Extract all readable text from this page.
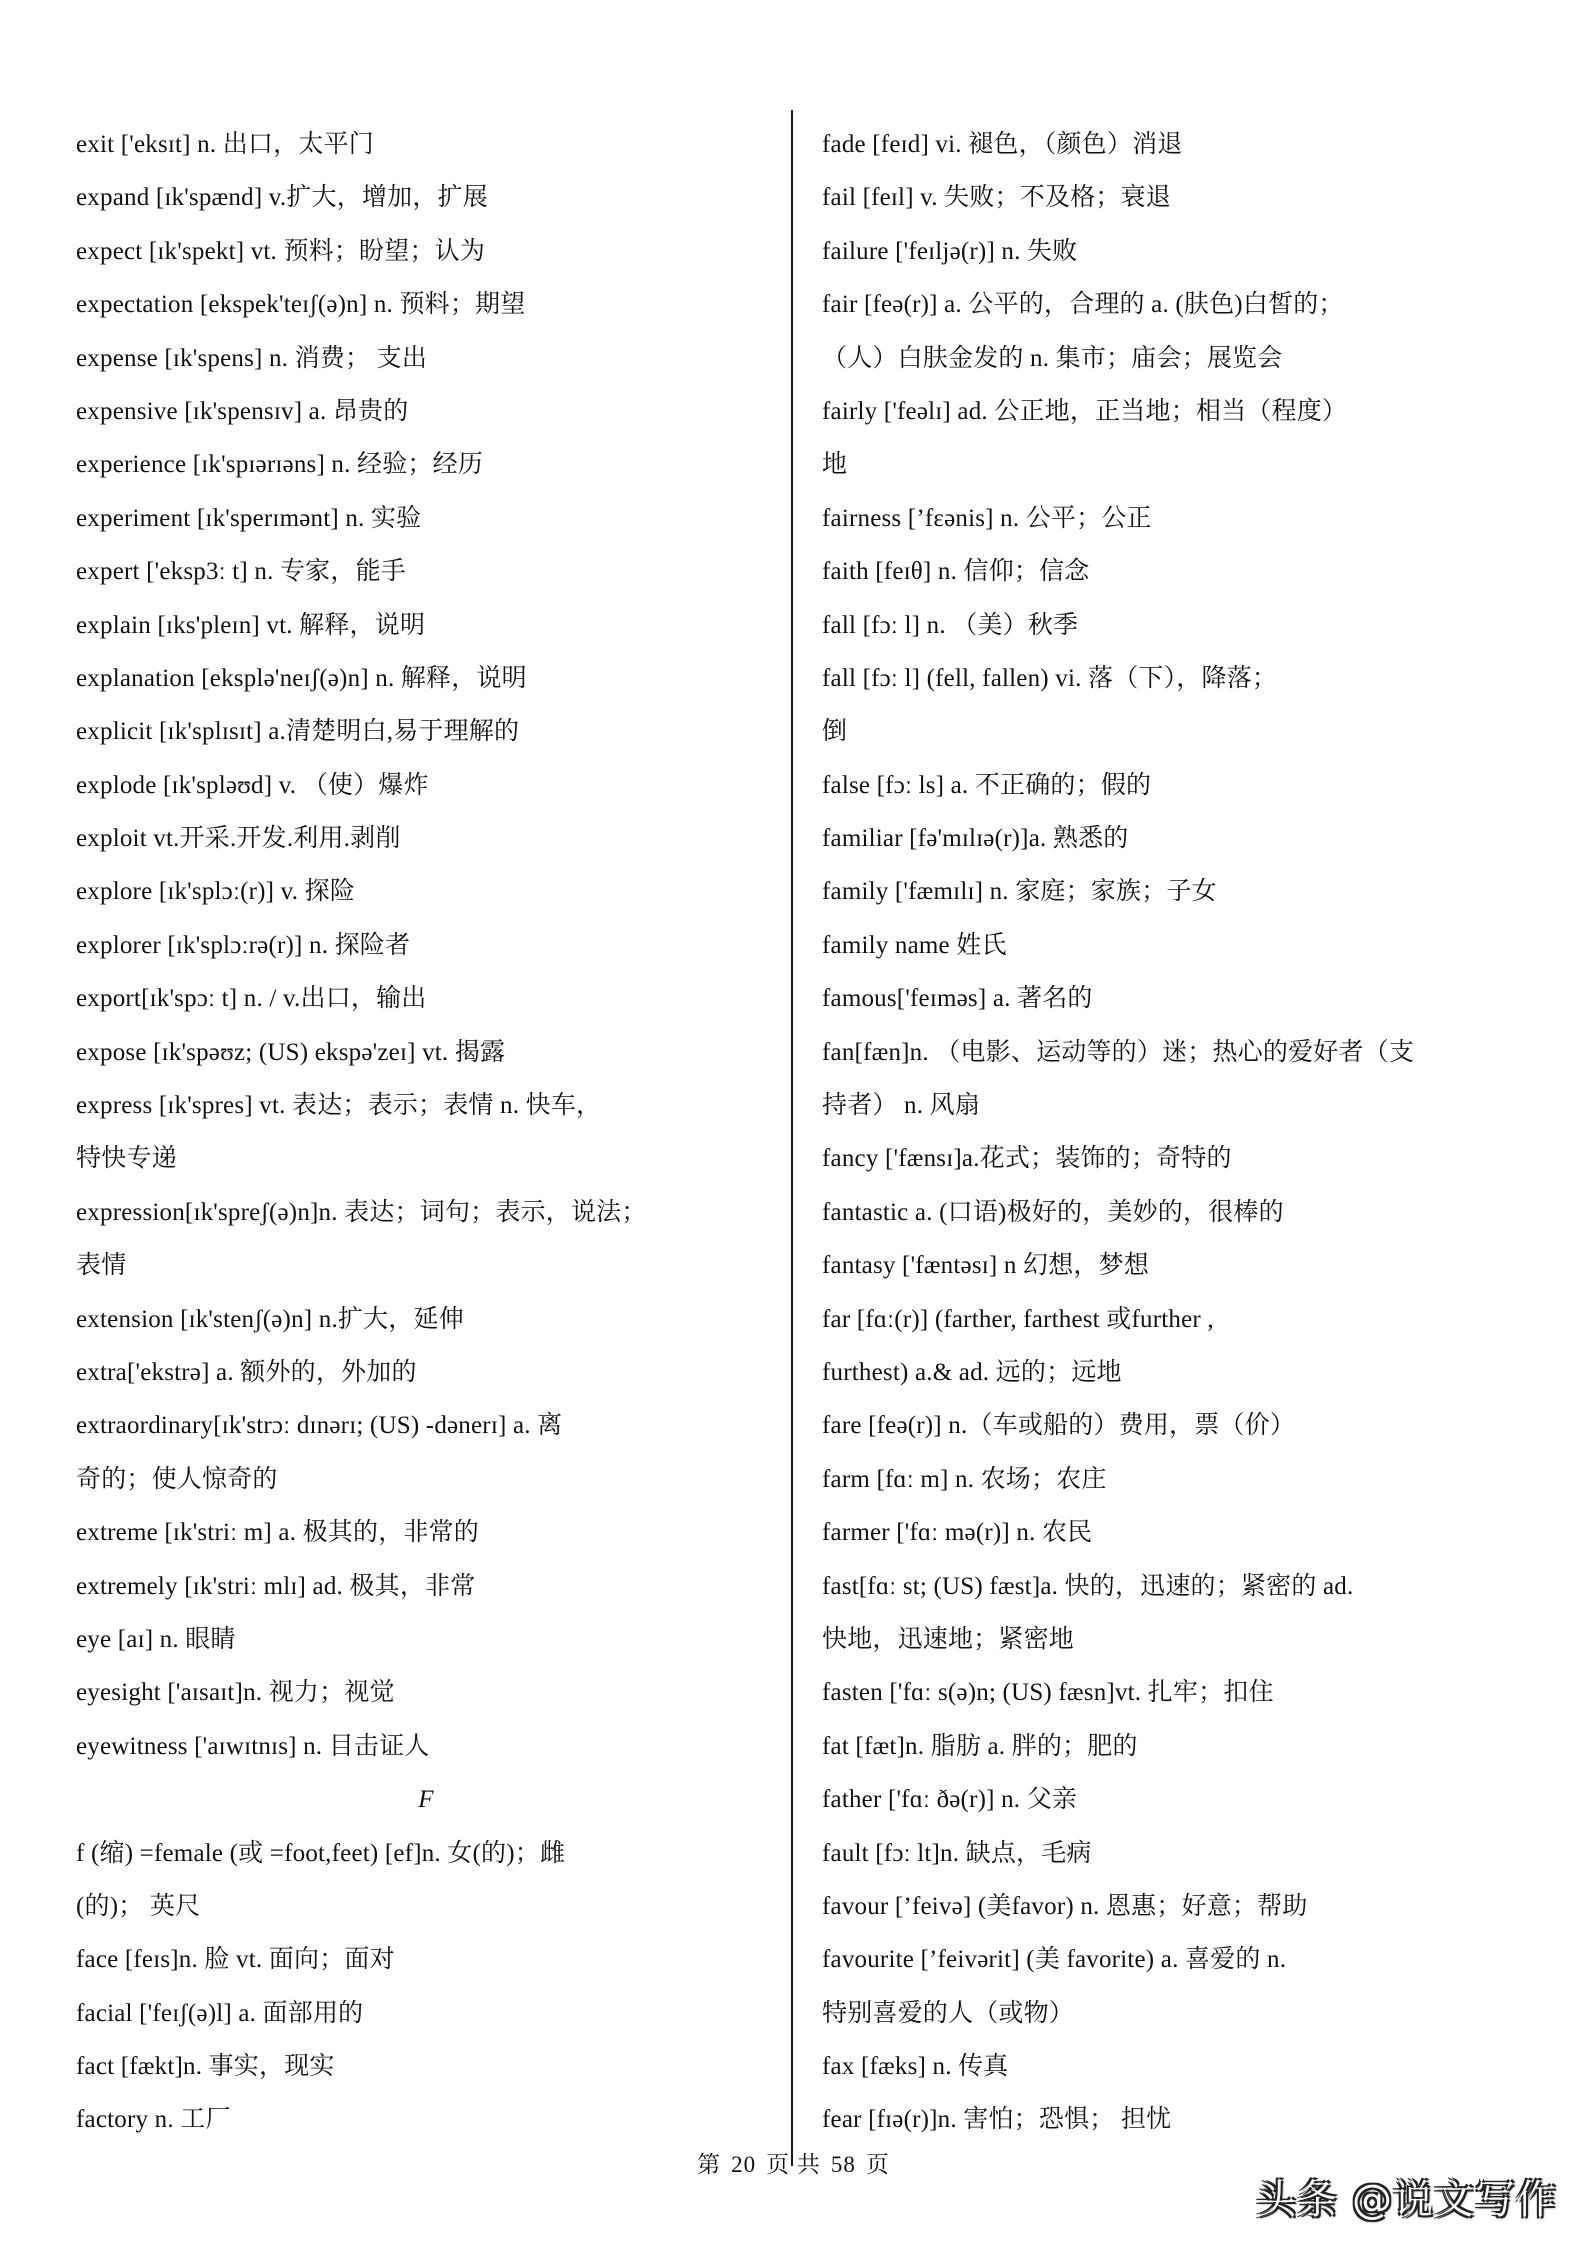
exit ['eksɪt] n. 出口，太平门
expand [ɪk'spænd] v.扩大，增加，扩展
expect [ɪk'spekt] vt. 预料；盼望；认为
expectation [ekspek'teɪʃ(ə)n] n. 预料；期望
expense [ɪk'spens] n. 消费； 支出
expensive [ɪk'spensɪv] a. 昂贵的
experience [ɪk'spɪərɪəns] n. 经验；经历
experiment [ɪk'sperɪmənt] n. 实验
expert ['eksp3ː t] n. 专家，能手
explain [ɪks'pleɪn] vt. 解释，说明
explanation [eksplə'neɪʃ(ə)n] n. 解释，说明
explicit [ɪk'splɪsɪt] a.清楚明白,易于理解的
explode [ɪk'spləʊd] v. （使）爆炸
exploit vt.开采.开发.利用.剥削
explore [ɪk'splɔː(r)] v. 探险
explorer [ɪk'splɔːrə(r)] n. 探险者
export[ɪk'spɔː t] n. / v.出口，输出
expose [ɪk'spəʊz; (US) ekspə'zeɪ] vt. 揭露
express [ɪk'spres] vt. 表达；表示；表情 n. 快车，
特快专递
expression[ɪk'spreʃ(ə)n]n. 表达；词句；表示，说法；
表情
extension [ɪk'stenʃ(ə)n] n.扩大，延伸
extra['ekstrə] a. 额外的，外加的
extraordinary[ɪk'strɔː dɪnərɪ; (US) -dənerɪ] a. 离
奇的；使人惊奇的
extreme [ɪk'striː m] a. 极其的，非常的
extremely [ɪk'striː mlɪ] ad. 极其，非常
eye [aɪ] n. 眼睛
eyesight ['aɪsaɪt]n. 视力；视觉
eyewitness ['aɪwɪtnɪs] n. 目击证人
F
f (缩) =female (或 =foot,feet) [ef]n. 女(的)；雌
(的)； 英尺
face [feɪs]n. 脸 vt. 面向；面对
facial ['feɪʃ(ə)l] a. 面部用的
fact [fækt]n. 事实，现实
factory n. 工厂
fade [feɪd] vi. 褪色，（颜色）消退
fail [feɪl] v. 失败；不及格；衰退
failure ['feɪljə(r)] n. 失败
fair [feə(r)] a. 公平的，合理的 a. (肤色)白皙的；
（人）白肤金发的 n. 集市；庙会；展览会
fairly ['feəlɪ] ad. 公正地，正当地；相当（程度）
地
fairness [’fɛənis] n. 公平；公正
faith [feɪθ] n. 信仰；信念
fall [fɔː l] n. （美）秋季
fall [fɔː l] (fell, fallen) vi. 落（下），降落；
倒
false [fɔː ls] a. 不正确的；假的
familiar [fə'mɪlɪə(r)]a. 熟悉的
family ['fæmɪlɪ] n. 家庭；家族；子女
family name 姓氏
famous['feɪməs] a. 著名的
fan[fæn]n. （电影、运动等的）迷；热心的爱好者（支
持者） n. 风扇
fancy ['fænsɪ]a.花式；装饰的；奇特的
fantastic a. (口语)极好的，美妙的，很棒的
fantasy ['fæntəsɪ] n 幻想，梦想
far [fɑː(r)] (farther, farthest 或further ,
furthest) a.& ad. 远的；远地
fare [feə(r)] n.（车或船的）费用，票（价）
farm [fɑː m] n. 农场；农庄
farmer ['fɑː mə(r)] n. 农民
fast[fɑː st; (US) fæst]a. 快的，迅速的；紧密的 ad.
快地，迅速地；紧密地
fasten ['fɑː s(ə)n; (US) fæsn]vt. 扎牢；扣住
fat [fæt]n. 脂肪 a. 胖的；肥的
father ['fɑː ðə(r)] n. 父亲
fault [fɔː lt]n. 缺点，毛病
favour [’feivə] (美favor) n. 恩惠；好意；帮助
favourite [’feivərit] (美 favorite) a. 喜爱的 n.
特别喜爱的人（或物）
fax [fæks] n. 传真
fear [fɪə(r)]n. 害怕；恐惧； 担忧
第 20 页 共 58 页
头条 @说文写作
